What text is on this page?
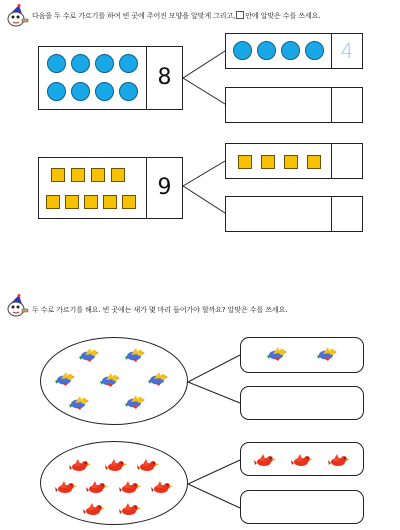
다음을 두 수로 가르기를 하여 빈 곳에 주어진 모양을 알맞게 그리고, 안에 알맞은 수를 쓰세요.
8
4
9
두 수로 가르기를 해요. 빈 곳에는 새가 몇 마리 들어가야 할까요? 알맞은 수를 쓰세요.
